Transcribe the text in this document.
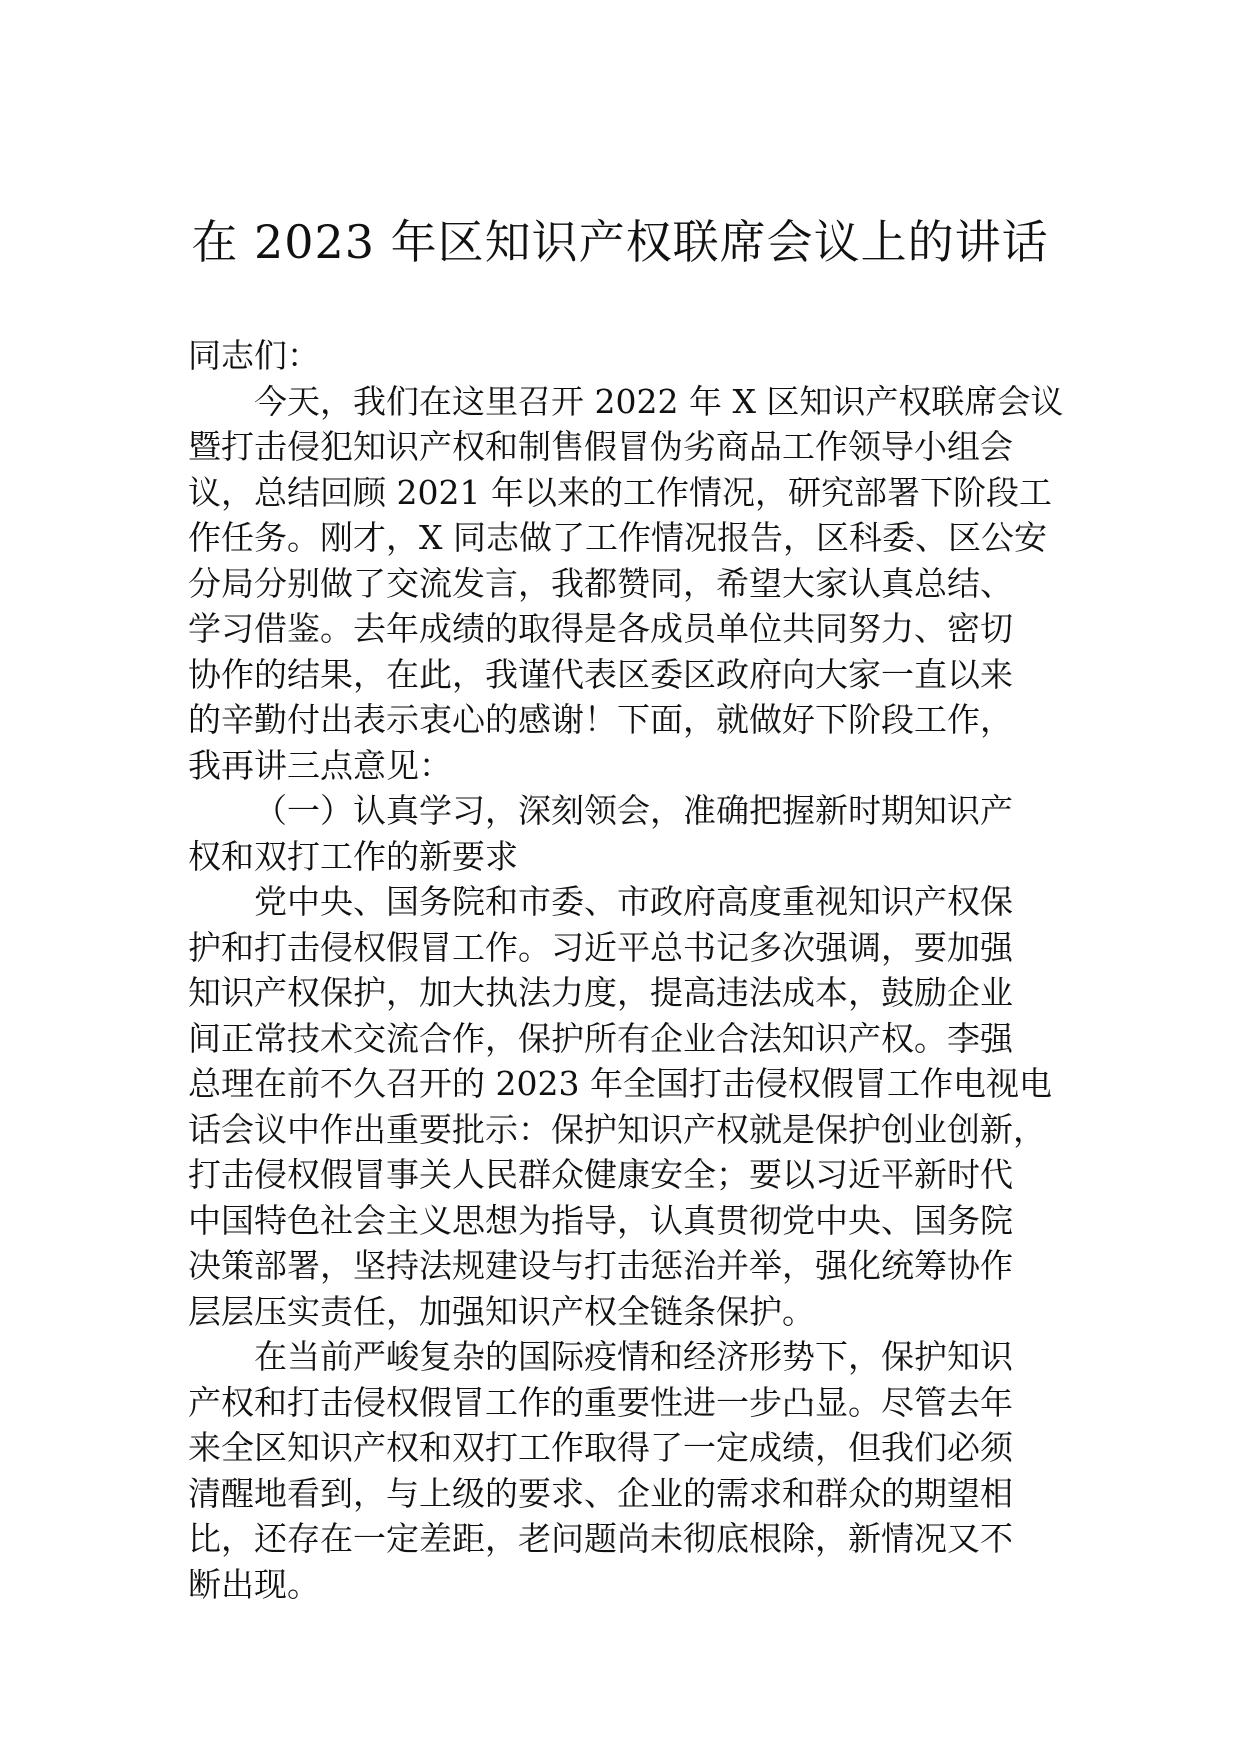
在 2023 年区知识产权联席会议上的讲话
同志们：
今天，我们在这里召开 2022 年 X 区知识产权联席会议
暨打击侵犯知识产权和制售假冒伪劣商品工作领导小组会
议，总结回顾 2021 年以来的工作情况，研究部署下阶段工
作任务。刚才，X 同志做了工作情况报告，区科委、区公安
分局分别做了交流发言，我都赞同，希望大家认真总结、
学习借鉴。去年成绩的取得是各成员单位共同努力、密切
协作的结果，在此，我谨代表区委区政府向大家一直以来
的辛勤付出表示衷心的感谢！下面，就做好下阶段工作，
我再讲三点意见：
（一）认真学习，深刻领会，准确把握新时期知识产
权和双打工作的新要求
党中央、国务院和市委、市政府高度重视知识产权保
护和打击侵权假冒工作。习近平总书记多次强调，要加强
知识产权保护，加大执法力度，提高违法成本，鼓励企业
间正常技术交流合作，保护所有企业合法知识产权。李强
总理在前不久召开的 2023 年全国打击侵权假冒工作电视电
话会议中作出重要批示：保护知识产权就是保护创业创新，
打击侵权假冒事关人民群众健康安全；要以习近平新时代
中国特色社会主义思想为指导，认真贯彻党中央、国务院
决策部署，坚持法规建设与打击惩治并举，强化统筹协作
层层压实责任，加强知识产权全链条保护。
在当前严峻复杂的国际疫情和经济形势下，保护知识
产权和打击侵权假冒工作的重要性进一步凸显。尽管去年
来全区知识产权和双打工作取得了一定成绩，但我们必须
清醒地看到，与上级的要求、企业的需求和群众的期望相
比，还存在一定差距，老问题尚未彻底根除，新情况又不
断出现。
